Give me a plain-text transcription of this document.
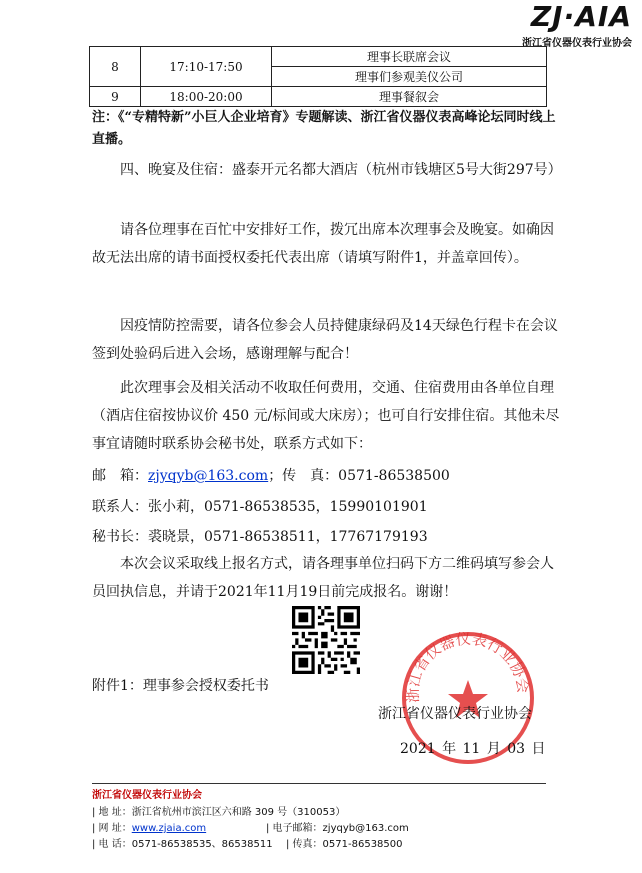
ZJ·AIA
浙江省仪器仪表行业协会
8	17:10-17:50	理事长联席会议
		理事们参观美仪公司
9	18:00-20:00	理事餐叙会
注：《“专精特新”小巨人企业培育》专题解读、浙江省仪器仪表高峰论坛同时线上直播。
四、晚宴及住宿：盛泰开元名都大酒店（杭州市钱塘区5号大街297号）
请各位理事在百忙中安排好工作，拨冗出席本次理事会及晚宴。如确因故无法出席的请书面授权委托代表出席（请填写附件1，并盖章回传）。
因疫情防控需要，请各位参会人员持健康绿码及14天绿色行程卡在会议签到处验码后进入会场，感谢理解与配合！
此次理事会及相关活动不收取任何费用，交通、住宿费用由各单位自理（酒店住宿按协议价 450 元/标间或大床房）；也可自行安排住宿。其他未尽事宜请随时联系协会秘书处，联系方式如下：
邮　箱：zjyqyb@163.com；传　真：0571-86538500
联系人：张小莉，0571-86538535，15990101901
秘书长：裘晓景，0571-86538511，17767179193
本次会议采取线上报名方式，请各理事单位扫码下方二维码填写参会人员回执信息，并请于2021年11月19日前完成报名。谢谢！
附件1：理事参会授权委托书
浙江省仪器仪表行业协会
浙江省仪器仪表行业协会
2021 年 11 月 03 日
浙江省仪器仪表行业协会
| 地 址：浙江省杭州市滨江区六和路 309 号（310053）
| 网 址：www.zjaia.com	| 电子邮箱：zjyqyb@163.com
| 电 话：0571-86538535、86538511 | 传真：0571-86538500
